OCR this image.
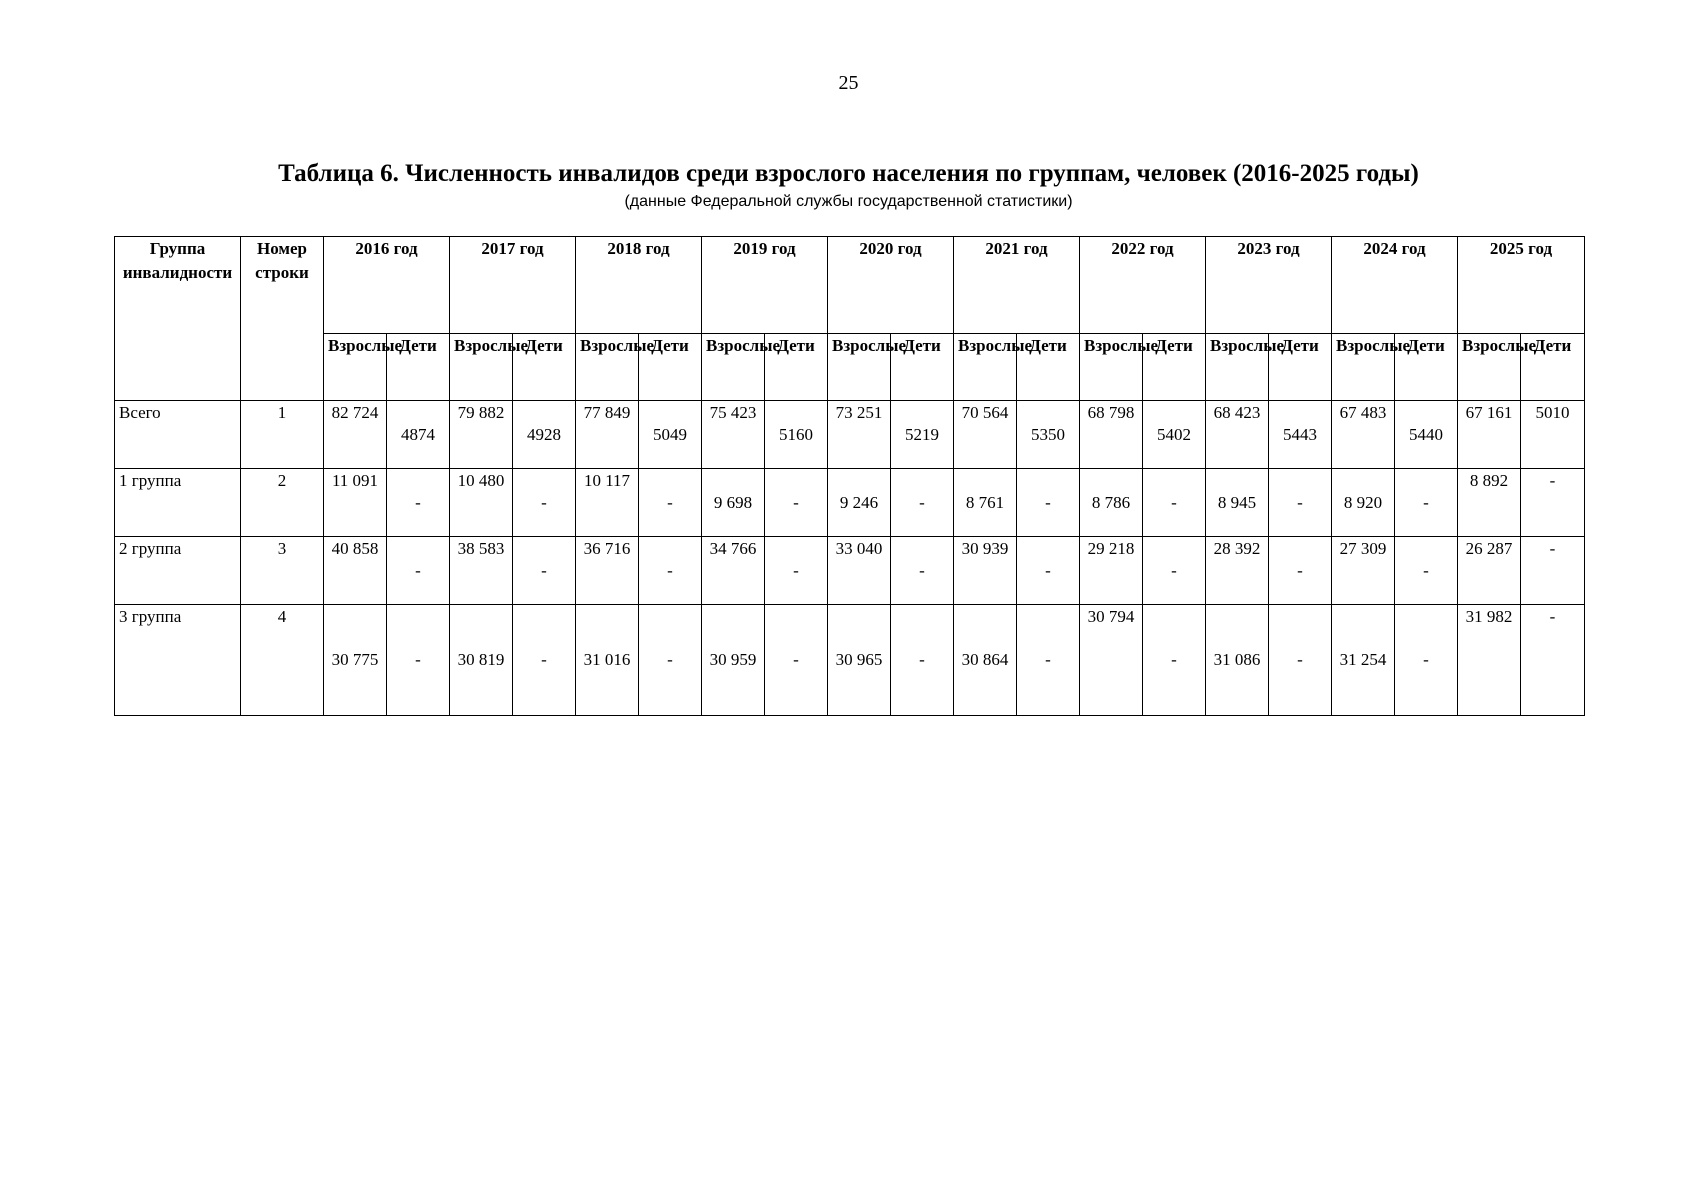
25
Таблица 6. Численность инвалидов среди взрослого населения по группам, человек (2016-2025 годы)
(данные Федеральной службы государственной статистики)
Группа инвалидности	Номер строки	2016 год		2017 год		2018 год		2019 год		2020 год		2021 год		2022 год		2023 год		2024 год		2025 год	
		Взрослые	Дети	Взрослые	Дети	Взрослые	Дети	Взрослые	Дети	Взрослые	Дети	Взрослые	Дети	Взрослые	Дети	Взрослые	Дети	Взрослые	Дети	Взрослые	Дети
Всего	1	82 724	4874	79 882	4928	77 849	5049	75 423	5160	73 251	5219	70 564	5350	68 798	5402	68 423	5443	67 483	5440	67 161	5010
1 группа	2	11 091	-	10 480	-	10 117	-	9 698	-	9 246	-	8 761	-	8 786	-	8 945	-	8 920	-	8 892	-
2 группа	3	40 858	-	38 583	-	36 716	-	34 766	-	33 040	-	30 939	-	29 218	-	28 392	-	27 309	-	26 287	-
3 группа	4	30 775	-	30 819	-	31 016	-	30 959	-	30 965	-	30 864	-	30 794	-	31 086	-	31 254	-	31 982	-
